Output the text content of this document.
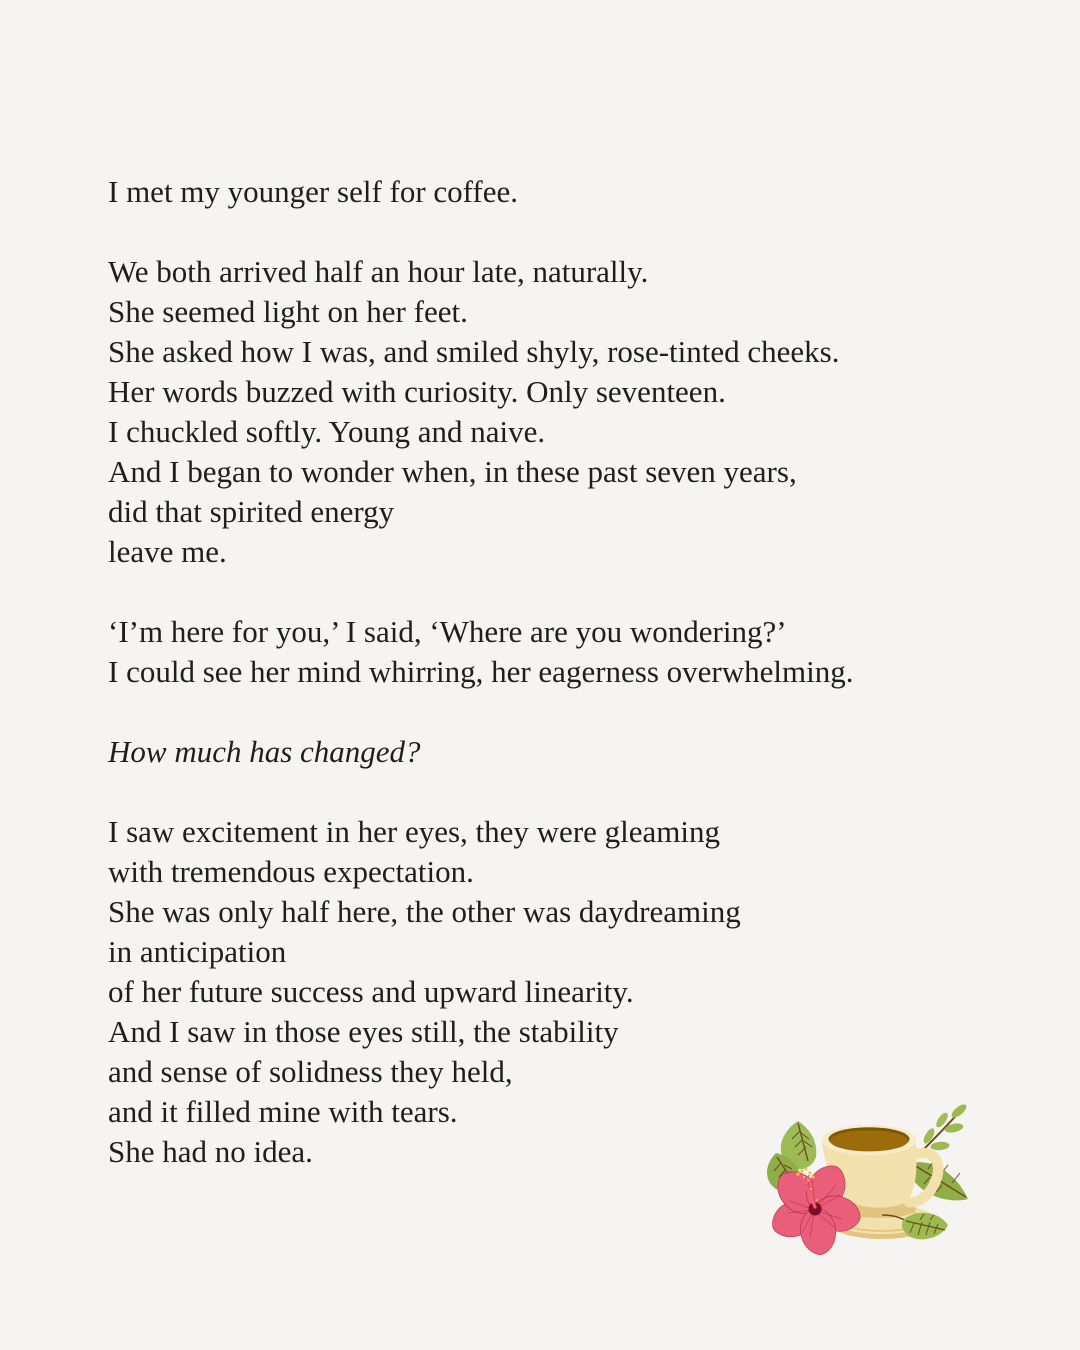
I met my younger self for coffee.
We both arrived half an hour late, naturally.
She seemed light on her feet.
She asked how I was, and smiled shyly, rose-tinted cheeks.
Her words buzzed with curiosity. Only seventeen.
I chuckled softly. Young and naive.
And I began to wonder when, in these past seven years,
did that spirited energy
leave me.
‘I’m here for you,’ I said, ‘Where are you wondering?’
I could see her mind whirring, her eagerness overwhelming.
How much has changed?
I saw excitement in her eyes, they were gleaming
with tremendous expectation.
She was only half here, the other was daydreaming
in anticipation
of her future success and upward linearity.
And I saw in those eyes still, the stability
and sense of solidness they held,
and it filled mine with tears.
She had no idea.
